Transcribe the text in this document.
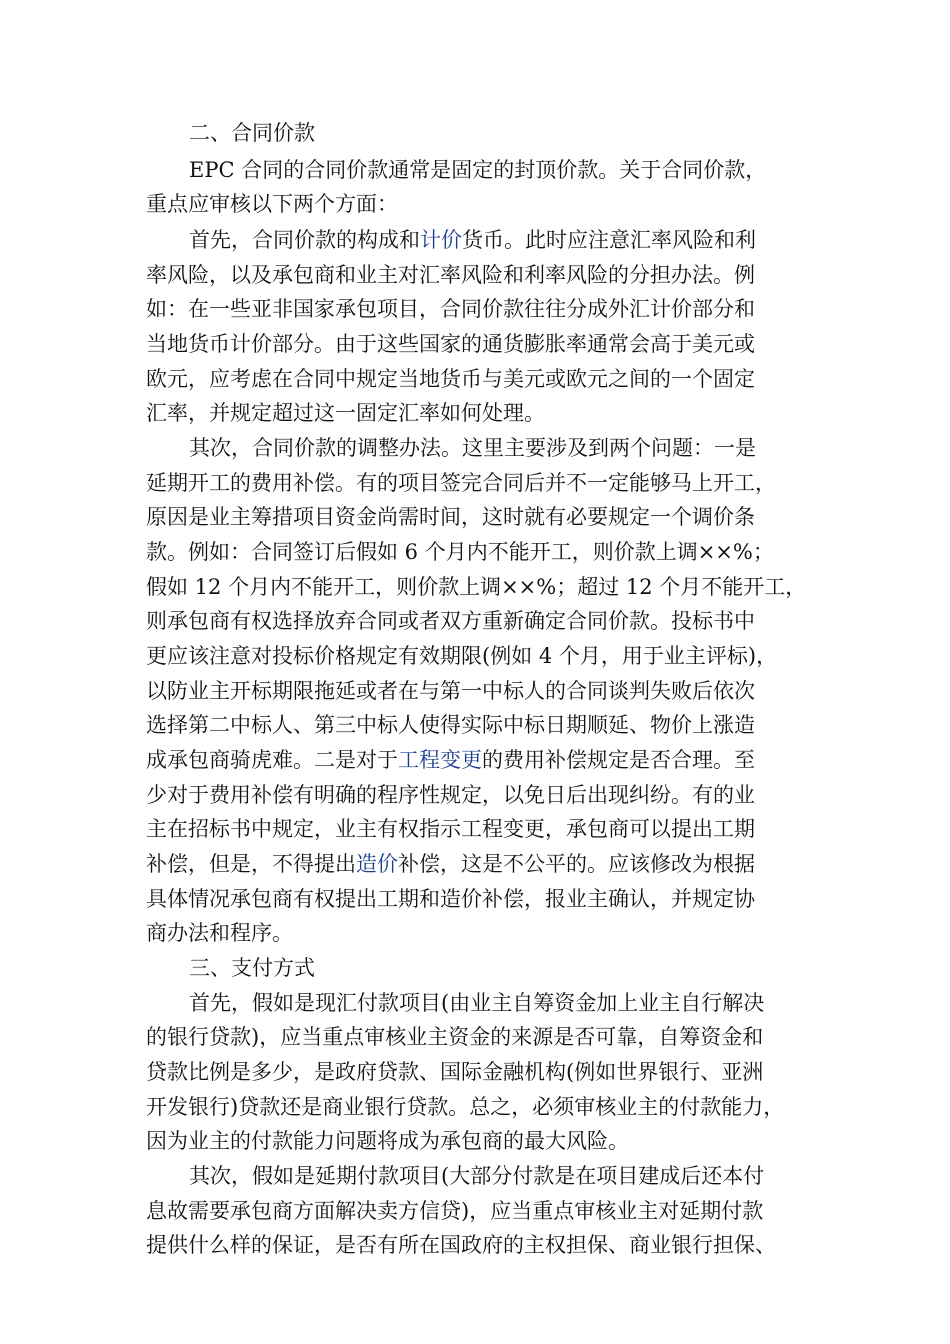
二、合同价款
EPC 合同的合同价款通常是固定的封顶价款。关于合同价款，
重点应审核以下两个方面：
首先，合同价款的构成和计价货币。此时应注意汇率风险和利
率风险，以及承包商和业主对汇率风险和利率风险的分担办法。例
如：在一些亚非国家承包项目，合同价款往往分成外汇计价部分和
当地货币计价部分。由于这些国家的通货膨胀率通常会高于美元或
欧元，应考虑在合同中规定当地货币与美元或欧元之间的一个固定
汇率，并规定超过这一固定汇率如何处理。
其次，合同价款的调整办法。这里主要涉及到两个问题：一是
延期开工的费用补偿。有的项目签完合同后并不一定能够马上开工，
原因是业主筹措项目资金尚需时间，这时就有必要规定一个调价条
款。例如：合同签订后假如 6 个月内不能开工，则价款上调××%；
假如 12 个月内不能开工，则价款上调××%；超过 12 个月不能开工，
则承包商有权选择放弃合同或者双方重新确定合同价款。投标书中
更应该注意对投标价格规定有效期限(例如 4 个月，用于业主评标)，
以防业主开标期限拖延或者在与第一中标人的合同谈判失败后依次
选择第二中标人、第三中标人使得实际中标日期顺延、物价上涨造
成承包商骑虎难。二是对于工程变更的费用补偿规定是否合理。至
少对于费用补偿有明确的程序性规定，以免日后出现纠纷。有的业
主在招标书中规定，业主有权指示工程变更，承包商可以提出工期
补偿，但是，不得提出造价补偿，这是不公平的。应该修改为根据
具体情况承包商有权提出工期和造价补偿，报业主确认，并规定协
商办法和程序。
三、支付方式
首先，假如是现汇付款项目(由业主自筹资金加上业主自行解决
的银行贷款)，应当重点审核业主资金的来源是否可靠，自筹资金和
贷款比例是多少，是政府贷款、国际金融机构(例如世界银行、亚洲
开发银行)贷款还是商业银行贷款。总之，必须审核业主的付款能力，
因为业主的付款能力问题将成为承包商的最大风险。
其次，假如是延期付款项目(大部分付款是在项目建成后还本付
息故需要承包商方面解决卖方信贷)，应当重点审核业主对延期付款
提供什么样的保证，是否有所在国政府的主权担保、商业银行担保、
